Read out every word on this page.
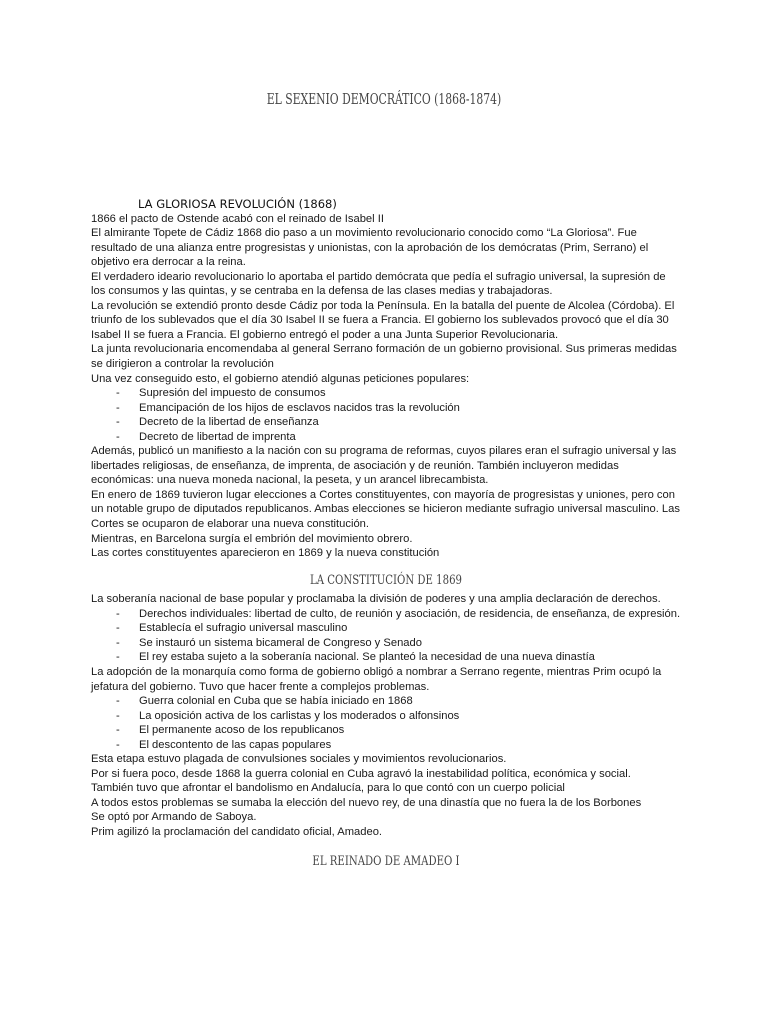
EL SEXENIO DEMOCRÁTICO (1868-1874)

LA GLORIOSA REVOLUCIÓN (1868)

1866 el pacto de Ostende acabó con el reinado de Isabel II

El almirante Topete de Cádiz 1868 dio paso a un movimiento revolucionario conocido como “La Gloriosa”. Fue resultado de una alianza entre progresistas y unionistas, con la aprobación de los demócratas (Prim, Serrano) el objetivo era derrocar a la reina.

El verdadero ideario revolucionario lo aportaba el partido demócrata que pedía el sufragio universal, la supresión de los consumos y las quintas, y se centraba en la defensa de las clases medias y trabajadoras.

La revolución se extendió pronto desde Cádiz por toda la Península. En la batalla del puente de Alcolea (Córdoba). El triunfo de los sublevados que el día 30 Isabel II se fuera a Francia. El gobierno los sublevados provocó que el día 30 Isabel II se fuera a Francia. El gobierno entregó el poder a una Junta Superior Revolucionaria.

La junta revolucionaria encomendaba al general Serrano formación de un gobierno provisional. Sus primeras medidas se dirigieron a controlar la revolución

Una vez conseguido esto, el gobierno atendió algunas peticiones populares:

- Supresión del impuesto de consumos
- Emancipación de los hijos de esclavos nacidos tras la revolución
- Decreto de la libertad de enseñanza
- Decreto de libertad de imprenta

Además, publicó un manifiesto a la nación con su programa de reformas, cuyos pilares eran el sufragio universal y las libertades religiosas, de enseñanza, de imprenta, de asociación y de reunión. También incluyeron medidas económicas: una nueva moneda nacional, la peseta, y un arancel librecambista.

En enero de 1869 tuvieron lugar elecciones a Cortes constituyentes, con mayoría de progresistas y uniones, pero con un notable grupo de diputados republicanos. Ambas elecciones se hicieron mediante sufragio universal masculino. Las Cortes se ocuparon de elaborar una nueva constitución.

Mientras, en Barcelona surgía el embrión del movimiento obrero.

Las cortes constituyentes aparecieron en 1869 y la nueva constitución

LA CONSTITUCIÓN DE 1869

La soberanía nacional de base popular y proclamaba la división de poderes y una amplia declaración de derechos.

- Derechos individuales: libertad de culto, de reunión y asociación, de residencia, de enseñanza, de expresión.
- Establecía el sufragio universal masculino
- Se instauró un sistema bicameral de Congreso y Senado
- El rey estaba sujeto a la soberanía nacional. Se planteó la necesidad de una nueva dinastía

La adopción de la monarquía como forma de gobierno obligó a nombrar a Serrano regente, mientras Prim ocupó la jefatura del gobierno. Tuvo que hacer frente a complejos problemas.

- Guerra colonial en Cuba que se había iniciado en 1868
- La oposición activa de los carlistas y los moderados o alfonsinos
- El permanente acoso de los republicanos
- El descontento de las capas populares

Esta etapa estuvo plagada de convulsiones sociales y movimientos revolucionarios.

Por si fuera poco, desde 1868 la guerra colonial en Cuba agravó la inestabilidad política, económica y social.

También tuvo que afrontar el bandolismo en Andalucía, para lo que contó con un cuerpo policial

A todos estos problemas se sumaba la elección del nuevo rey, de una dinastía que no fuera la de los Borbones

Se optó por Armando de Saboya.

Prim agilizó la proclamación del candidato oficial, Amadeo.

EL REINADO DE AMADEO I
